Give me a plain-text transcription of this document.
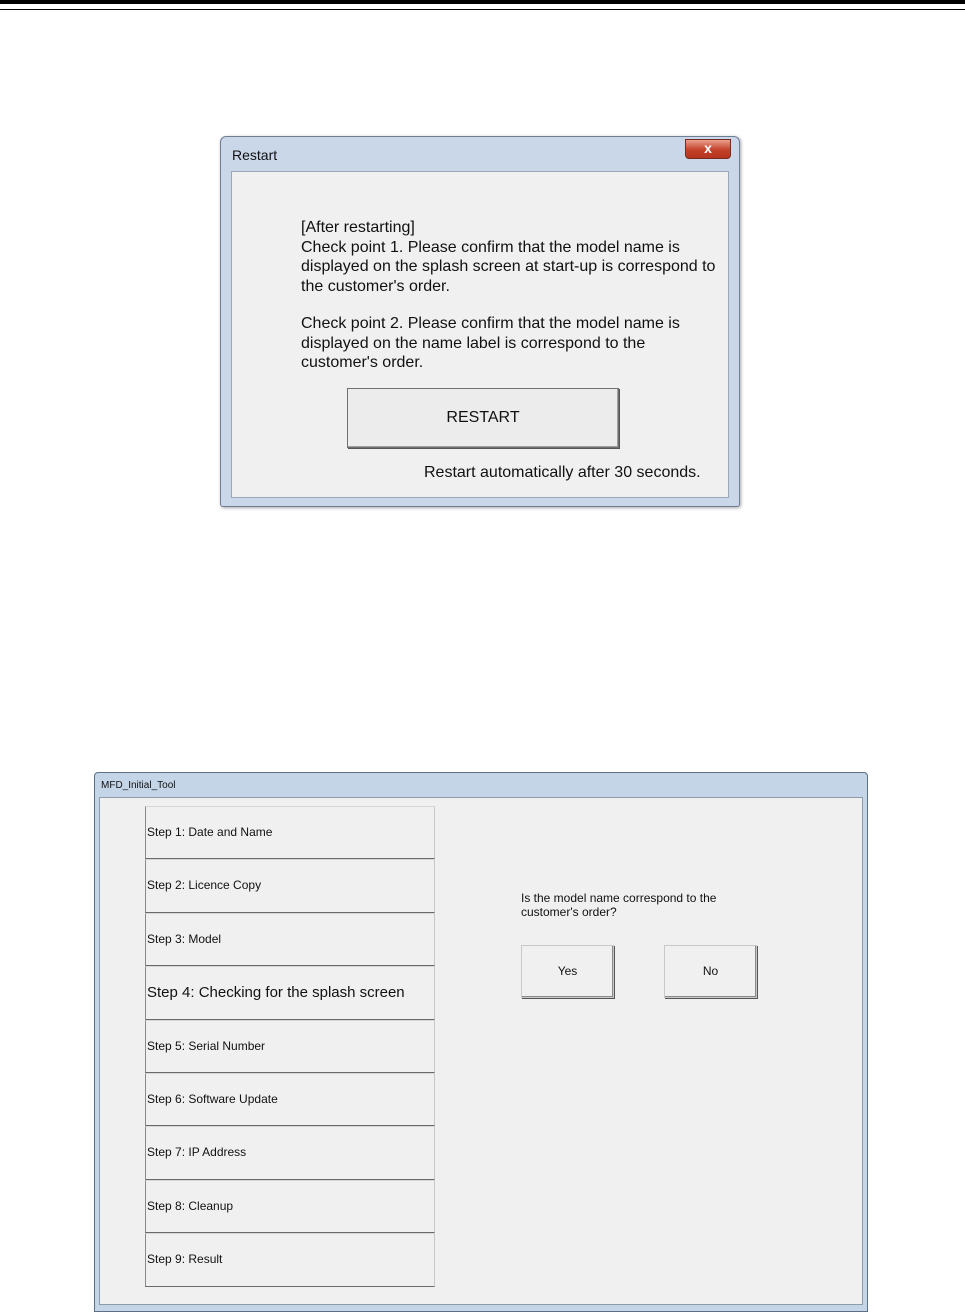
Restart	x

[After restarting]
Check point 1. Please confirm that the model name is displayed on the splash screen at start-up is correspond to the customer's order.

Check point 2. Please confirm that the model name is displayed on the name label is correspond to the customer's order.

RESTART
Restart automatically after 30 seconds.
MFD_Initial_Tool
Step 1: Date and Name
Step 2: Licence Copy
Step 3: Model
Step 4: Checking for the splash screen
Step 5: Serial Number
Step 6: Software Update
Step 7: IP Address
Step 8: Cleanup
Step 9: Result
Is the model name correspond to the customer's order?
Yes	No
